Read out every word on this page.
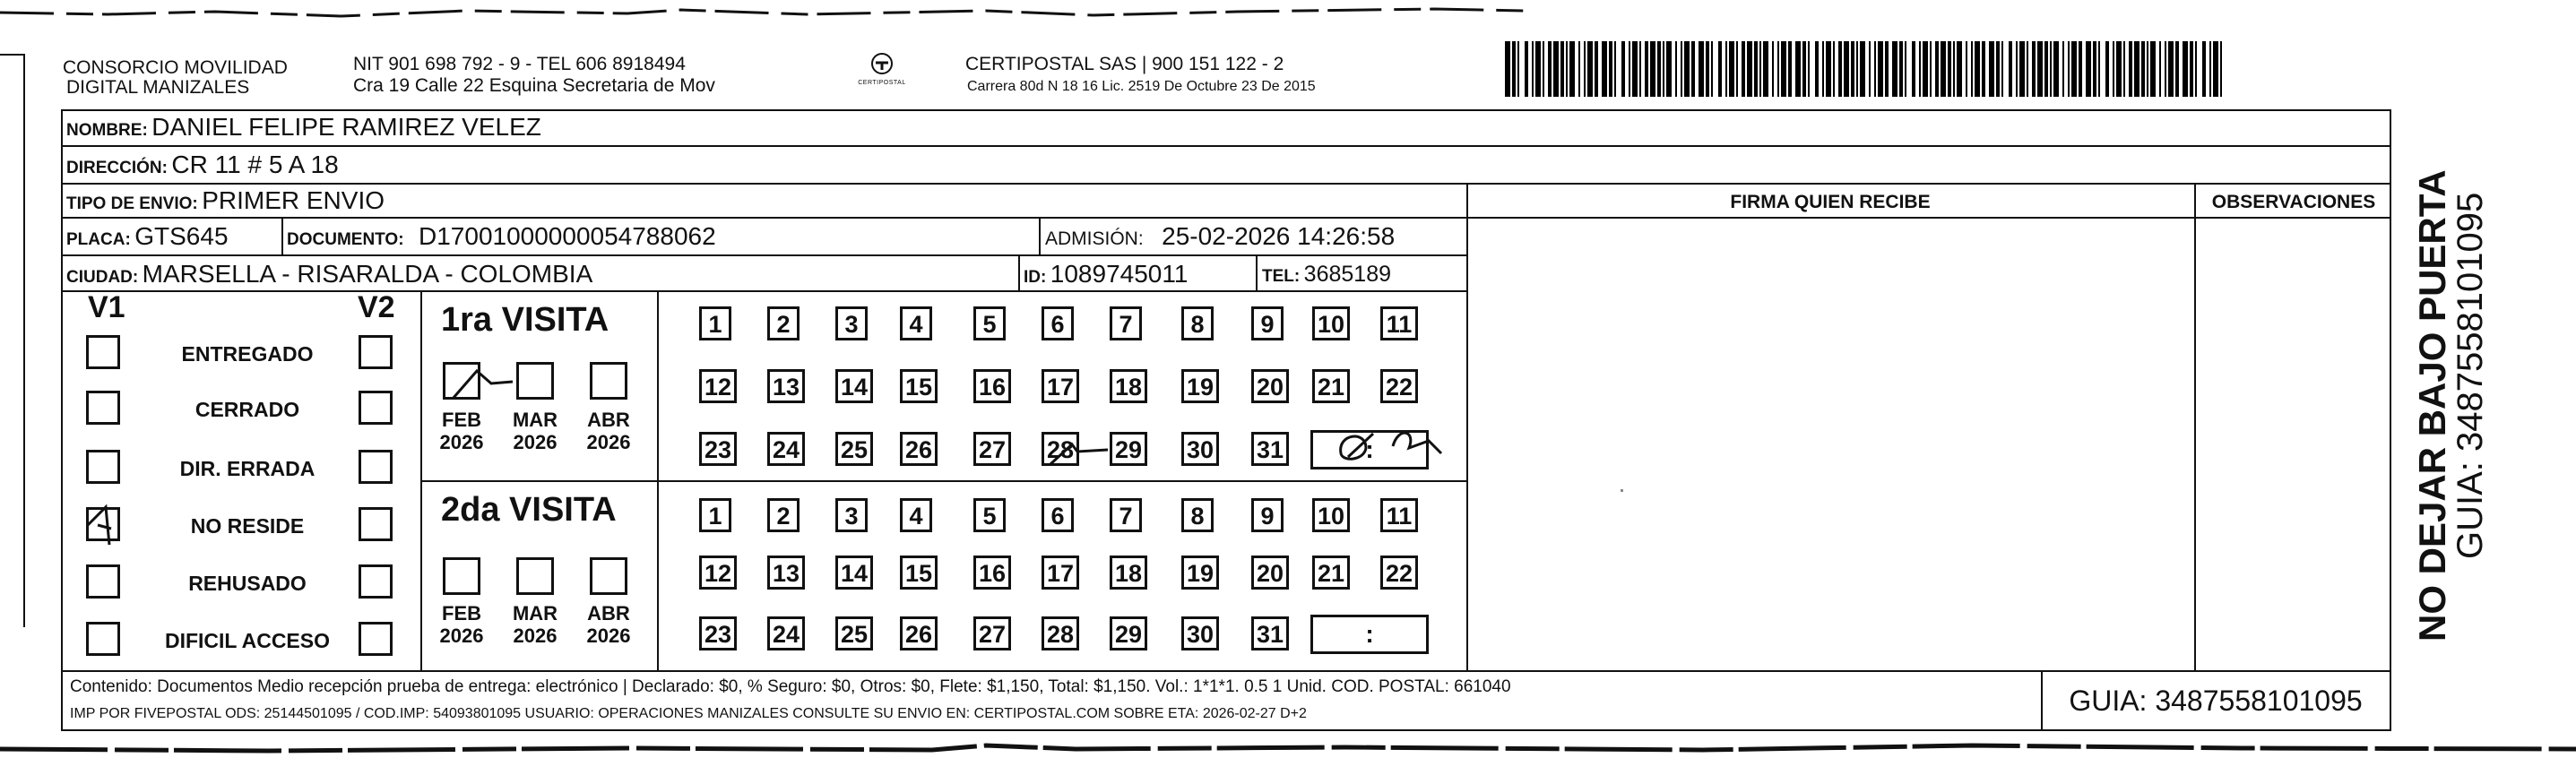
CONSORCIO MOVILIDAD
DIGITAL MANIZALES
NIT 901 698 792 - 9 - TEL 606 8918494
Cra 19 Calle 22 Esquina Secretaria de Mov	CERTIPOSTAL
CERTIPOSTAL SAS | 900 151 122 - 2
Carrera 80d N 18 16 Lic. 2519 De Octubre 23 De 2015
NOMBRE: DANIEL FELIPE RAMIREZ VELEZ
DIRECCIÓN: CR 11 # 5 A 18
TIPO DE ENVIO: PRIMER ENVIO
PLACA: GTS645	DOCUMENTO: D17001000000054788062	ADMISIÓN: 25-02-2026 14:26:58
CIUDAD: MARSELLA - RISARALDA - COLOMBIA	ID: 1089745011	TEL: 3685189
FIRMA QUIEN RECIBE	OBSERVACIONES
V1	V2
ENTREGADO
CERRADO
DIR. ERRADA
NO RESIDE
REHUSADO
DIFICIL ACCESO
1ra VISITA
2da VISITA
FEB
2026
MAR
2026
ABR
2026
FEB
2026
MAR
2026
ABR
2026
1	2	3	4	5	6	7	8	9	10 11
12 13 14 15 16 17 18 19 20 21 22
23 24 25 26 27 28 29 30 31	:
1	2	3	4	5	6	7	8	9	10 11
12 13 14 15 16 17 18 19 20 21 22
23 24 25 26 27 28 29 30 31	:
Contenido: Documentos Medio recepción prueba de entrega: electrónico | Declarado: $0, % Seguro: $0, Otros: $0, Flete: $1,150, Total: $1,150. Vol.: 1*1*1. 0.5 1 Unid. COD. POSTAL: 661040
IMP POR FIVEPOSTAL ODS: 25144501095 / COD.IMP: 54093801095 USUARIO: OPERACIONES MANIZALES CONSULTE SU ENVIO EN: CERTIPOSTAL.COM SOBRE ETA: 2026-02-27 D+2	GUIA: 3487558101095
NO DEJAR BAJO PUERTA
GUIA: 3487558101095
